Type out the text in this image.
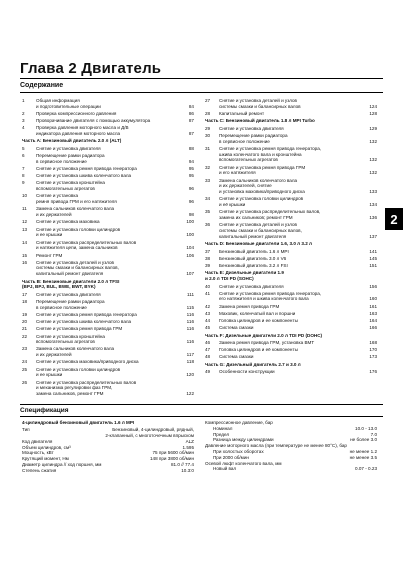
Глава 2 Двигатель
Содержание
1	Общая информация
и подготовительные операции	84
2	Проверка компрессионного давления	86
3	Проворачивание двигателя с помощью аккумулятора	87
4	Проверка давления моторного масла и Д/В
индикатора давления моторного масла	87
Часть А: Бензиновый двигатель 2.0 л (ALT)
5	Снятие и установка двигателя	88
6	Перемещение рамки радиатора
в сервисное положение	94
7	Снятие и установка ремня привода генератора	95
8	Снятие и установка шкива коленчатого вала	95
9	Снятие и установка кронштейна
вспомогательных агрегатов	96
10	Снятие и установка
ремня привода ГРМ и его натяжителя	96
11	Замена сальников коленчатого вала
и их держателей	98
12	Снятие и установка маховика	100
13	Снятие и установка головки цилиндров
и ее крышки	100
14	Снятие и установка распределительных валов
и натяжителя цепи, замена сальников	104
15	Ремонт ГРМ	106
16	Снятие и установка деталей и узлов
системы смазки и балансирных валов,
капитальный ремонт двигателя	107
Часть B: Бензиновые двигатели 2.0 л TFSI
(BPJ, BPJ, BUL, BWE, BWT, BYK)
17	Снятие и установка двигателя	111
18	Перемещение рамки радиатора
в сервисное положение	115
19	Снятие и установка ремня привода генератора	116
20	Снятие и установка шкива коленчатого вала	116
21	Снятие и установка ремня привода ГРМ	116
22	Снятие и установка кронштейна
вспомогательных агрегатов	116
23	Замена сальников коленчатого вала
и их держателей	117
24	Снятие и установка маховика/приводного диска	118
25	Снятие и установка головки цилиндров
и ее крышки	120
26	Снятие и установка распределительных валов
и механизма регулировки фаз ГРМ,
замена сальников, ремонт ГРМ	122
27	Снятие и установка деталей и узлов
системы смазки и балансирных валов	124
28	Капитальный ремонт	128
Часть C: Бензиновый двигатель 1.8 л MPI Turbo
29	Снятие и установка двигателя	129
30	Перемещение рамки радиатора
в сервисное положение	132
31	Снятие и установка ремня привода генератора,
шкива коленчатого вала и кронштейна
вспомогательных агрегатов	132
32	Снятие и установка ремня привода ГРМ
и его натяжителя	132
33	Замена сальников коленчатого вала
и их держателей, снятие
и установка маховика/приводного диска	133
34	Снятие и установка головки цилиндров
и её крышки	134
35	Снятие и установка распределительных валов,
замена их сальников; ремонт ГРМ	136
36	Снятие и установка деталей и узлов
системы смазки и балансирных валов,
капитальный ремонт двигателя	137
Часть D: Бензиновые двигатели 1.6, 3.0 л 3.2 л
37	Бензиновый двигатель 1.6 л MPI	141
38	Бензиновый двигатель 3.0 л V6	145
39	Бензиновый двигатель 3.2 л FSI	151
Часть E: Дизельные двигатели 1.9
и 2.0 л TDI PD (SOHC)
40	Снятие и установка двигателя	156
41	Снятие и установка ремня привода генератора,
его натяжителя и шкива коленчатого вала	160
42	Замена ремня привода ГРМ	161
43	Маховик, коленчатый вал и поршни	163
44	Головка цилиндров и ее компоненты	164
45	Система смазки	166
Часть F: Дизельные двигатели 2.0 л TDI PD (DOHC)
46	Замена ремня привода ГРМ, установка ВМТ	168
47	Головка цилиндров и её компоненты	170
48	Система смазки	173
Часть G: Дизельный двигатель 2.7 и 3.0 л
49	Особенности конструкции	176
2
Спецификация
4-цилиндровый бензиновый двигатель 1.6 л MPI
Тип	Бензиновый, 4-цилиндровый, рядный,
2-клапанный, с многоточечным впрыском
Код двигателя	ALZ
Объем цилиндров, см³	1.595
Мощность, кВт	75 при 5600 об/мин
Крутящий момент, Нм	148 при 3800 об/мин
Диаметр цилиндра // ход поршня, мм	81.0 // 77.4
Степень сжатия	10.3:0
Компрессионное давление, бар
Номинал	10.0 - 13.0
Предел	7.0
Разница между цилиндрами	не более 3.0
Давление моторного масла (при температуре не менее 80°С), бар
При холостых оборотах	не менее 1.2
При 2000 об/мин	не менее 3.5
Осевой люфт коленчатого вала, мм
Новый вал	0.07 - 0.23
